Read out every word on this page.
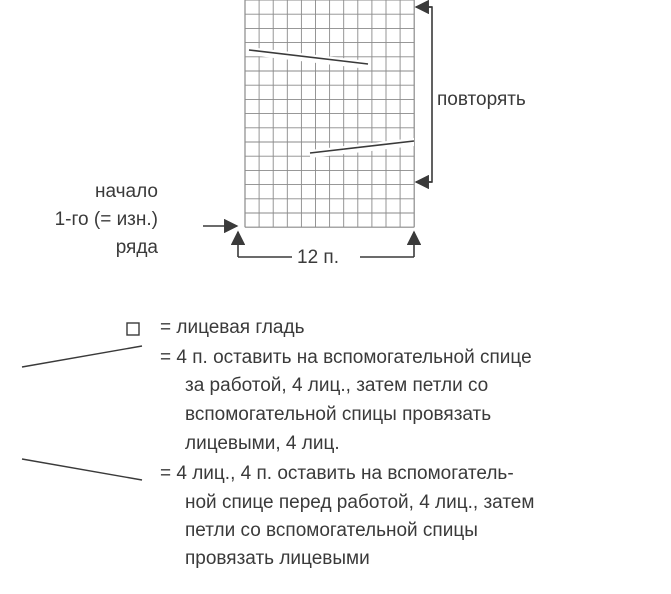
повторять
начало
1-го (= изн.)
ряда	12 п.
= лицевая гладь
= 4 п. оставить на вспомогательной спице
за работой, 4 лиц., затем петли со
вспомогательной спицы провязать
лицевыми, 4 лиц.
= 4 лиц., 4 п. оставить на вспомогатель-
ной спице перед работой, 4 лиц., затем
петли со вспомогательной спицы
провязать лицевыми
